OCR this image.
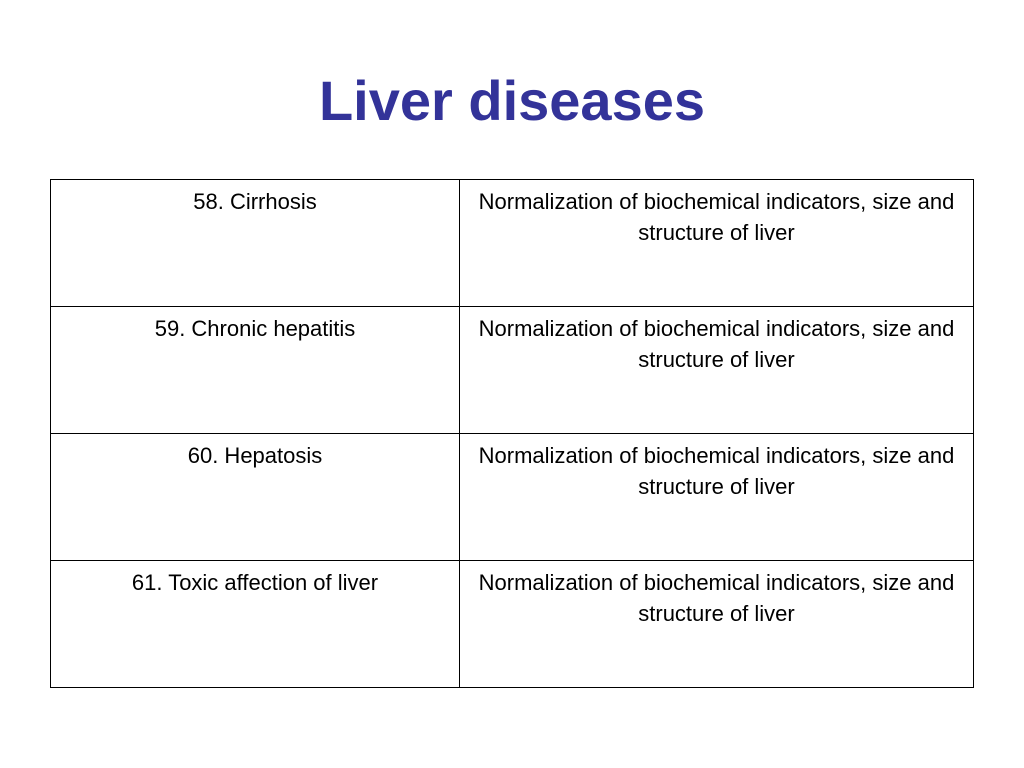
Liver diseases
58. Cirrhosis	Normalization of biochemical indicators, size and structure of liver
59. Chronic hepatitis	Normalization of biochemical indicators, size and structure of liver
60. Hepatosis	Normalization of biochemical indicators, size and structure of liver
61. Toxic affection of liver	Normalization of biochemical indicators, size and structure of liver
